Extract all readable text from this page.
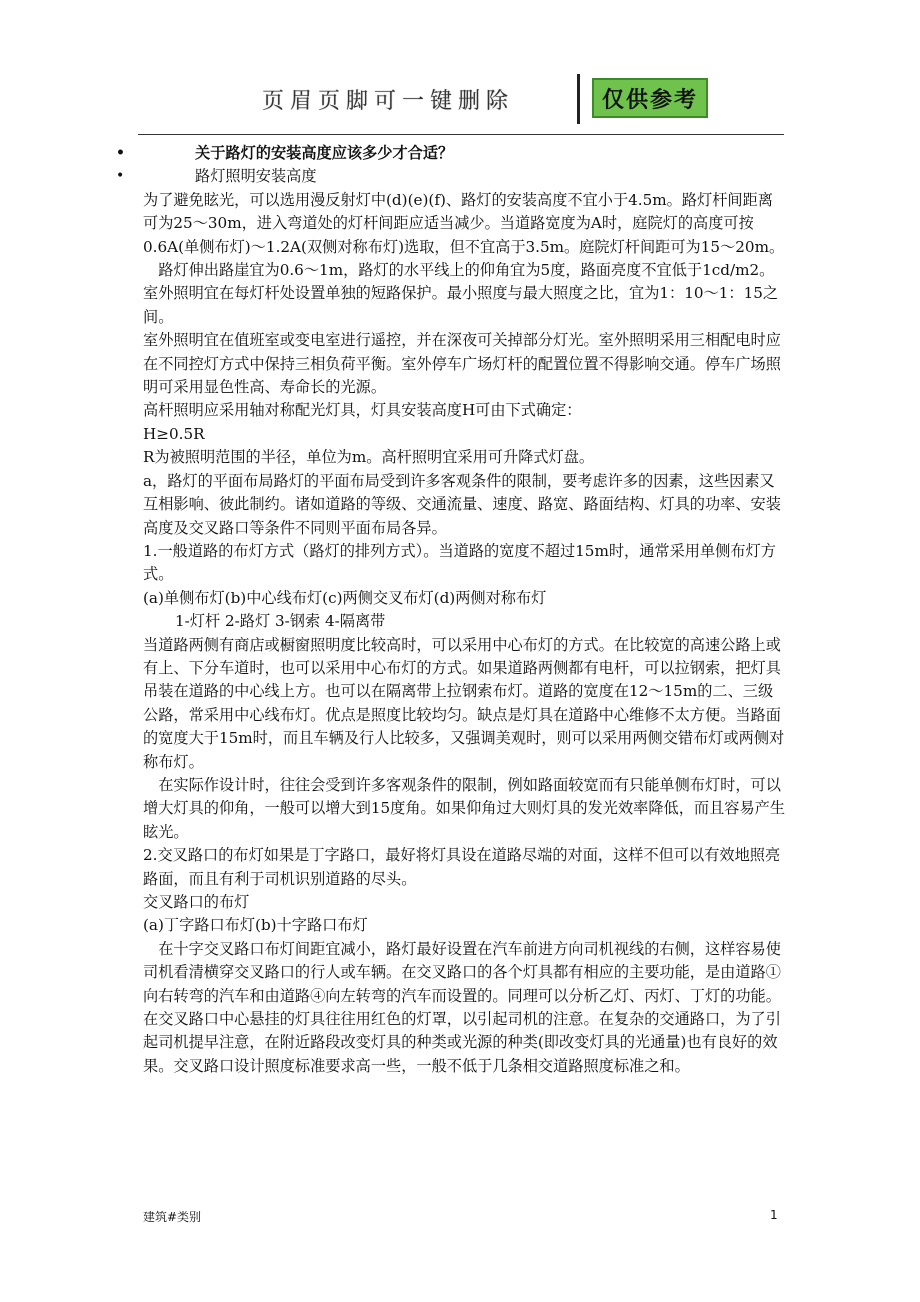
页眉页脚可一键删除	仅供参考
•	关于路灯的安装高度应该多少才合适？
•	路灯照明安装高度

为了避免眩光，可以选用漫反射灯中(d)(e)(f)、路灯的安装高度不宜小于4.5m。路灯杆间距离可为25～30m，进入弯道处的灯杆间距应适当减少。当道路宽度为A时，庭院灯的高度可按0.6A(单侧布灯)～1.2A(双侧对称布灯)选取，但不宜高于3.5m。庭院灯杆间距可为15～20m。

路灯伸出路崖宜为0.6～1m，路灯的水平线上的仰角宜为5度，路面亮度不宜低于1cd/m2。室外照明宜在每灯杆处设置单独的短路保护。最小照度与最大照度之比，宜为1：10～1：15之间。

室外照明宜在值班室或变电室进行遥控，并在深夜可关掉部分灯光。室外照明采用三相配电时应在不同控灯方式中保持三相负荷平衡。室外停车广场灯杆的配置位置不得影响交通。停车广场照明可采用显色性高、寿命长的光源。

高杆照明应采用轴对称配光灯具，灯具安装高度H可由下式确定：

H≥0.5R

R为被照明范围的半径，单位为m。高杆照明宜采用可升降式灯盘。

a，路灯的平面布局路灯的平面布局受到许多客观条件的限制，要考虑许多的因素，这些因素又互相影响、彼此制约。诸如道路的等级、交通流量、速度、路宽、路面结构、灯具的功率、安装高度及交叉路口等条件不同则平面布局各异。

1.一般道路的布灯方式（路灯的排列方式）。当道路的宽度不超过15m时，通常采用单侧布灯方式。

(a)单侧布灯(b)中心线布灯(c)两侧交叉布灯(d)两侧对称布灯

1-灯杆 2-路灯 3-钢索 4-隔离带

当道路两侧有商店或橱窗照明度比较高时，可以采用中心布灯的方式。在比较宽的高速公路上或有上、下分车道时，也可以采用中心布灯的方式。如果道路两侧都有电杆，可以拉钢索，把灯具吊装在道路的中心线上方。也可以在隔离带上拉钢索布灯。道路的宽度在12～15m的二、三级公路，常采用中心线布灯。优点是照度比较均匀。缺点是灯具在道路中心维修不太方便。当路面的宽度大于15m时，而且车辆及行人比较多，又强调美观时，则可以采用两侧交错布灯或两侧对称布灯。

在实际作设计时，往往会受到许多客观条件的限制，例如路面较宽而有只能单侧布灯时，可以增大灯具的仰角，一般可以增大到15度角。如果仰角过大则灯具的发光效率降低，而且容易产生眩光。

2.交叉路口的布灯如果是丁字路口，最好将灯具设在道路尽端的对面，这样不但可以有效地照亮路面，而且有利于司机识别道路的尽头。

交叉路口的布灯

(a)丁字路口布灯(b)十字路口布灯

在十字交叉路口布灯间距宜减小，路灯最好设置在汽车前进方向司机视线的右侧，这样容易使司机看清横穿交叉路口的行人或车辆。在交叉路口的各个灯具都有相应的主要功能，是由道路①向右转弯的汽车和由道路④向左转弯的汽车而设置的。同理可以分析乙灯、丙灯、丁灯的功能。

在交叉路口中心悬挂的灯具往往用红色的灯罩，以引起司机的注意。在复杂的交通路口，为了引起司机提早注意，在附近路段改变灯具的种类或光源的种类(即改变灯具的光通量)也有良好的效果。交叉路口设计照度标准要求高一些，一般不低于几条相交道路照度标准之和。

建筑#类别	1
